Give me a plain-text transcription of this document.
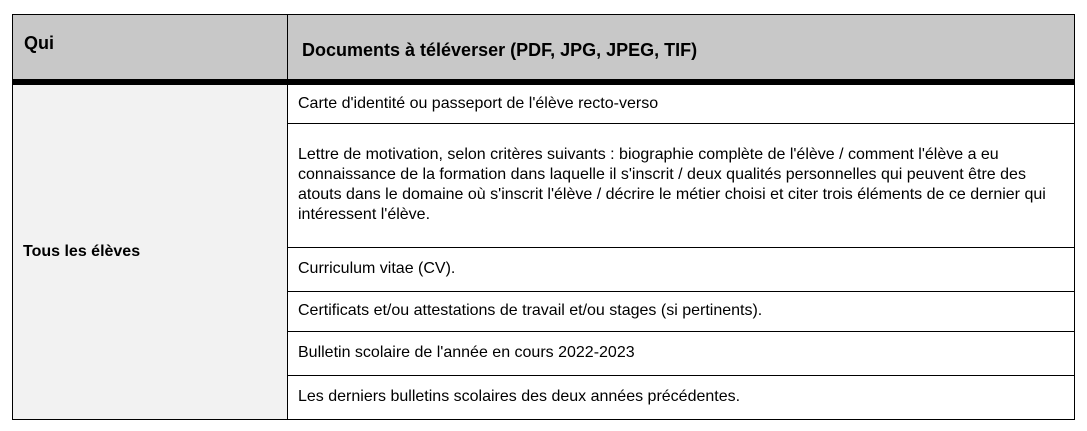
Qui	Documents à téléverser (PDF, JPG, JPEG, TIF)
Tous les élèves	Carte d'identité ou passeport de l'élève recto-verso
	Lettre de motivation, selon critères suivants : biographie complète de l'élève / comment l'élève a eu connaissance de la formation dans laquelle il s'inscrit / deux qualités personnelles qui peuvent être des atouts dans le domaine où s'inscrit l'élève / décrire le métier choisi et citer trois éléments de ce dernier qui intéressent l'élève.
	Curriculum vitae (CV).
	Certificats et/ou attestations de travail et/ou stages (si pertinents).
	Bulletin scolaire de l'année en cours 2022-2023
	Les derniers bulletins scolaires des deux années précédentes.
